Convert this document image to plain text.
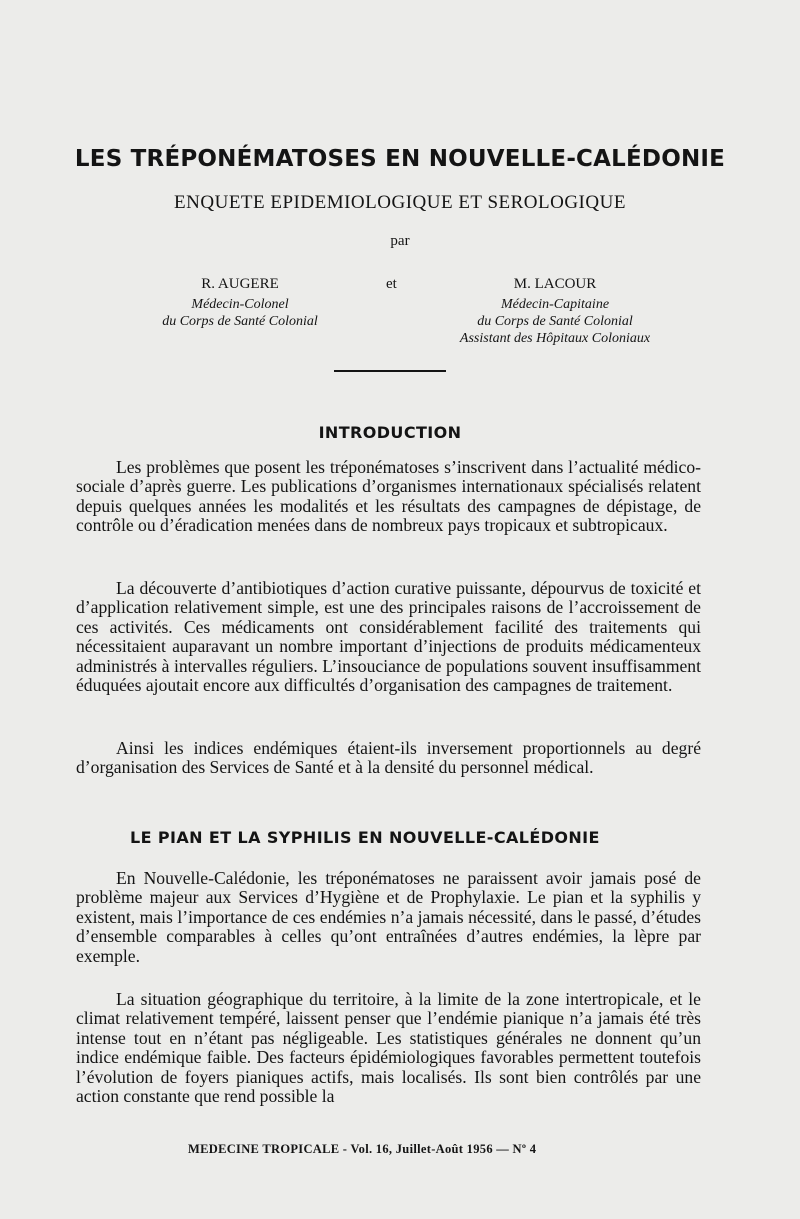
LES TRÉPONÉMATOSES EN NOUVELLE-CALÉDONIE
ENQUETE EPIDEMIOLOGIQUE ET SEROLOGIQUE
par
R. AUGERE
Médecin-Colonel
du Corps de Santé Colonial
et	M. LACOUR
Médecin-Capitaine
du Corps de Santé Colonial
Assistant des Hôpitaux Coloniaux
INTRODUCTION

Les problèmes que posent les tréponématoses s’inscrivent dans l’actualité médico-sociale d’après guerre. Les publications d’organismes internationaux spécialisés relatent depuis quelques années les modalités et les résultats des campagnes de dépistage, de contrôle ou d’éradication menées dans de nombreux pays tropicaux et subtropicaux.

La découverte d’antibiotiques d’action curative puissante, dépourvus de toxicité et d’application relativement simple, est une des principales raisons de l’accroissement de ces activités. Ces médicaments ont considérablement facilité des traitements qui nécessitaient auparavant un nombre important d’injections de produits médicamenteux administrés à intervalles réguliers. L’insouciance de populations souvent insuffisamment éduquées ajoutait encore aux difficultés d’organisation des campagnes de traitement.

Ainsi les indices endémiques étaient-ils inversement proportionnels au degré d’organisation des Services de Santé et à la densité du personnel médical.

LE PIAN ET LA SYPHILIS EN NOUVELLE-CALÉDONIE

En Nouvelle-Calédonie, les tréponématoses ne paraissent avoir jamais posé de problème majeur aux Services d’Hygiène et de Prophylaxie. Le pian et la syphilis y existent, mais l’importance de ces endémies n’a jamais nécessité, dans le passé, d’études d’ensemble comparables à celles qu’ont entraînées d’autres endémies, la lèpre par exemple.

La situation géographique du territoire, à la limite de la zone intertropicale, et le climat relativement tempéré, laissent penser que l’endémie pianique n’a jamais été très intense tout en n’étant pas négligeable. Les statistiques générales ne donnent qu’un indice endémique faible. Des facteurs épidémiologiques favorables permettent toutefois l’évolution de foyers pianiques actifs, mais localisés. Ils sont bien contrôlés par une action constante que rend possible la

MEDECINE TROPICALE - Vol. 16, Juillet-Août 1956 — Nº 4
